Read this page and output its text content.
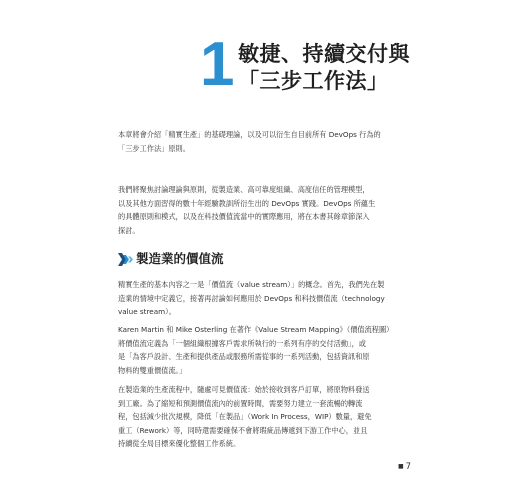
1 敏捷、持續交付與
「三步工作法」
本章將會介紹「精實生產」的基礎理論，以及可以衍生自目前所有 DevOps 行為的
「三步工作法」原則。
我們將聚焦討論理論與原則，從製造業、高可靠度組織、高度信任的管理模型，
以及其他方面習得的數十年經驗教訓所衍生出的 DevOps 實踐。DevOps 所蘊生
的具體原則和模式，以及在科技價值流當中的實際應用，將在本書其餘章節深入
探討。
製造業的價值流
精實生產的基本內容之一是「價值流（value stream）」的概念。首先，我們先在製
造業的情境中定義它，接著再討論如何應用於 DevOps 和科技價值流（technology
value stream）。
Karen Martin 和 Mike Osterling 在著作《Value Stream Mapping》（價值流程圖）
將價值流定義為「一個組織根據客戶需求所執行的一系列有序的交付活動」，或
是「為客戶設計、生產和提供產品或服務所需從事的一系列活動，包括資訊和原
物料的雙重價值流。」
在製造業的生產流程中，隨處可見價值流：始於接收到客戶訂單，將原物料發送
到工廠。為了縮短和預測價值流內的前置時間，需要努力建立一套流暢的轉流
程，包括減少批次規模，降低「在製品」（Work In Process，WIP）數量，避免
重工（Rework）等，同時還需要確保不會將瑕疵品傳遞到下游工作中心，並且
持續從全局目標來優化整個工作系統。
■ 7
